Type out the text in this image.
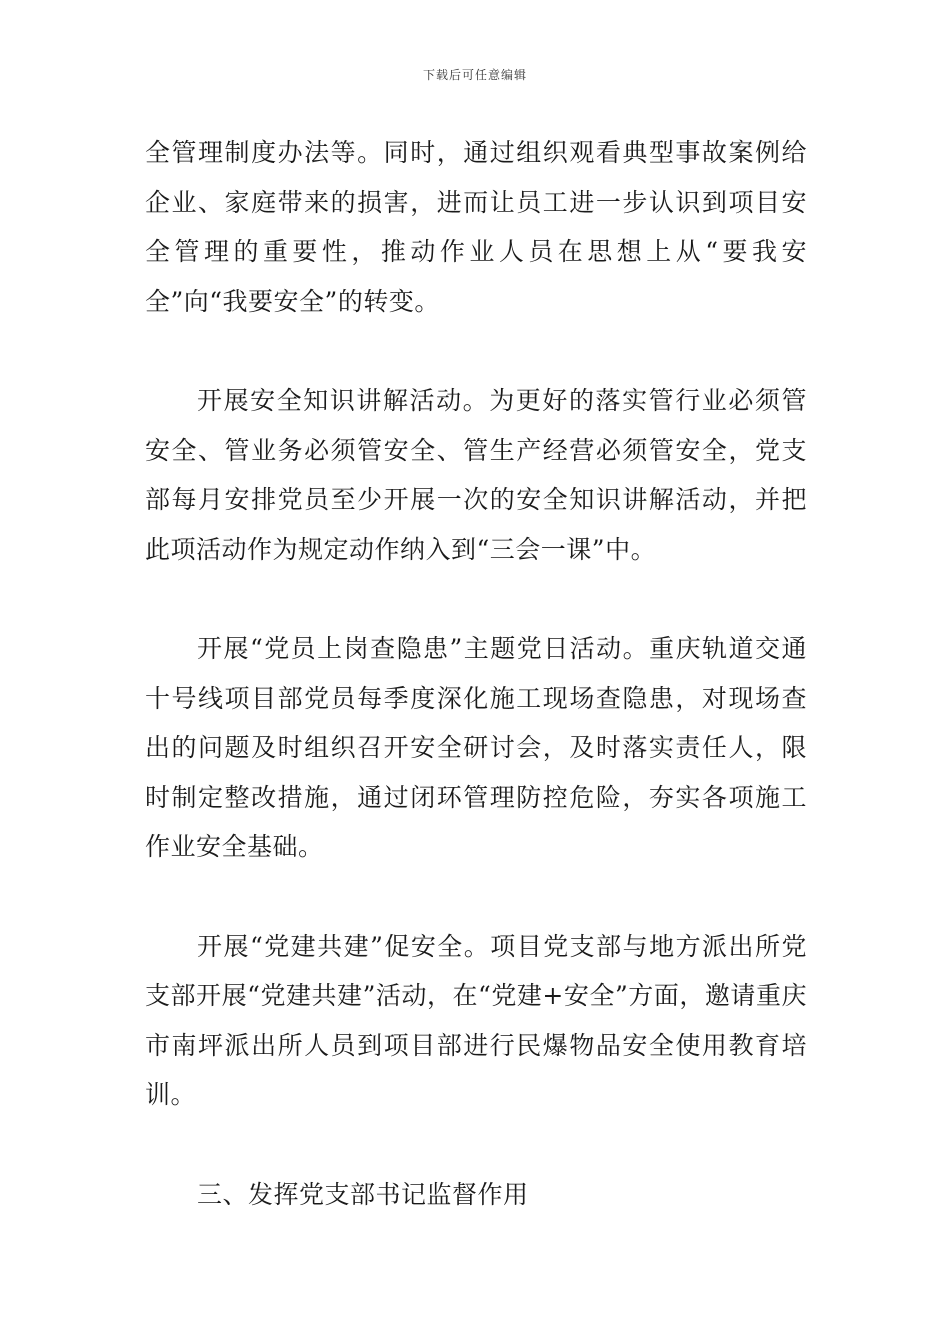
下载后可任意编辑

全管理制度办法等。同时，通过组织观看典型事故案例给企业、家庭带来的损害，进而让员工进一步认识到项目安全管理的重要性，推动作业人员在思想上从“要我安全”向“我要安全”的转变。

开展安全知识讲解活动。为更好的落实管行业必须管安全、管业务必须管安全、管生产经营必须管安全，党支部每月安排党员至少开展一次的安全知识讲解活动，并把此项活动作为规定动作纳入到“三会一课”中。

开展“党员上岗查隐患”主题党日活动。重庆轨道交通十号线项目部党员每季度深化施工现场查隐患，对现场查出的问题及时组织召开安全研讨会，及时落实责任人，限时制定整改措施，通过闭环管理防控危险，夯实各项施工作业安全基础。

开展“党建共建”促安全。项目党支部与地方派出所党支部开展“党建共建”活动，在“党建+安全”方面，邀请重庆市南坪派出所人员到项目部进行民爆物品安全使用教育培训。

三、发挥党支部书记监督作用
